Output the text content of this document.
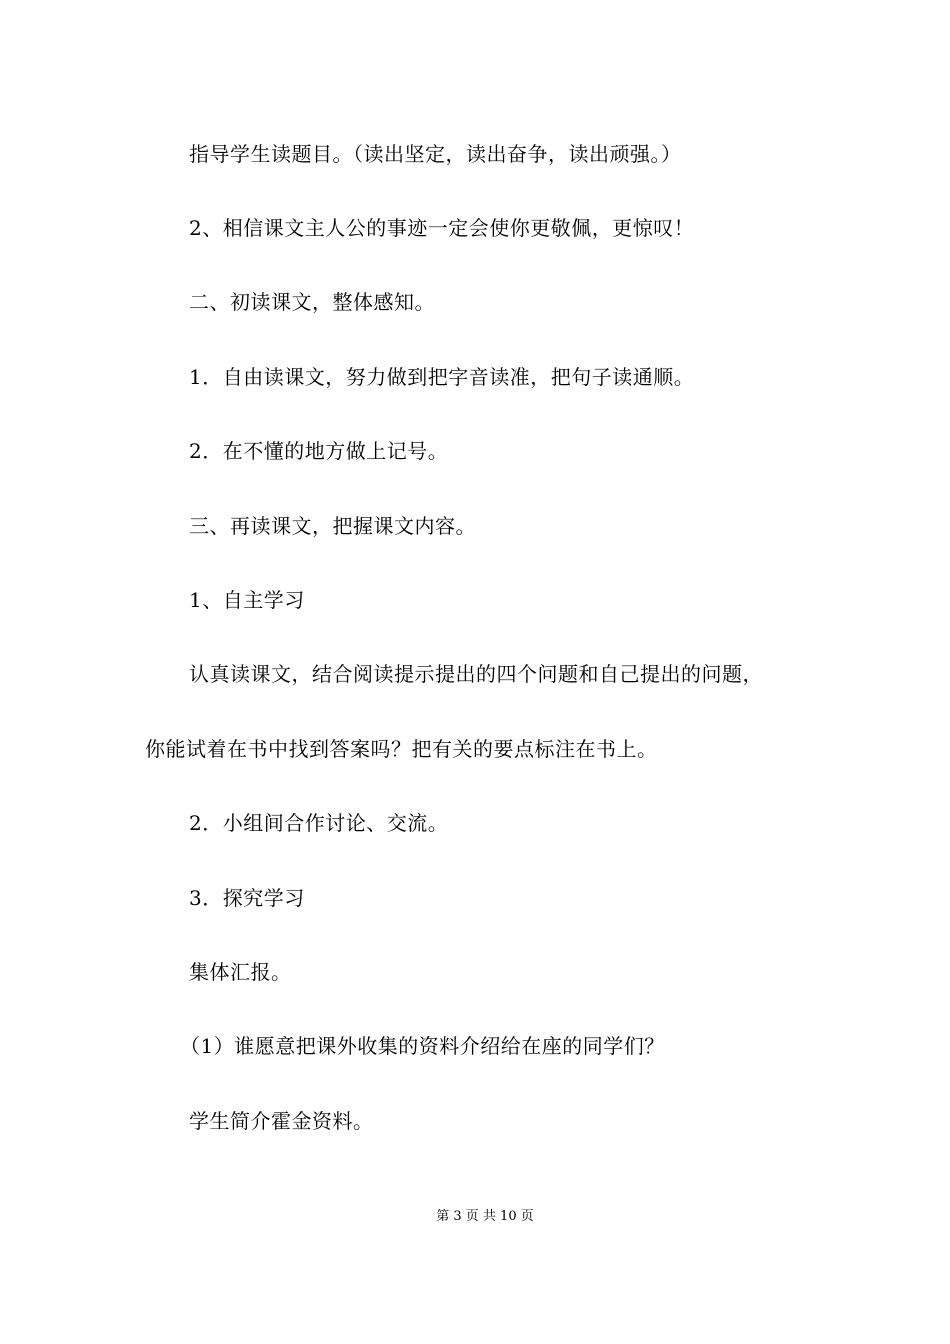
指导学生读题目。（读出坚定，读出奋争，读出顽强。）
2、相信课文主人公的事迹一定会使你更敬佩，更惊叹！
二、初读课文，整体感知。
1．自由读课文，努力做到把字音读准，把句子读通顺。
2．在不懂的地方做上记号。
三、再读课文，把握课文内容。
1、自主学习
认真读课文，结合阅读提示提出的四个问题和自己提出的问题，
你能试着在书中找到答案吗？把有关的要点标注在书上。
2．小组间合作讨论、交流。
3．探究学习
集体汇报。
（1）谁愿意把课外收集的资料介绍给在座的同学们？
学生简介霍金资料。
第 3 页 共 10 页
